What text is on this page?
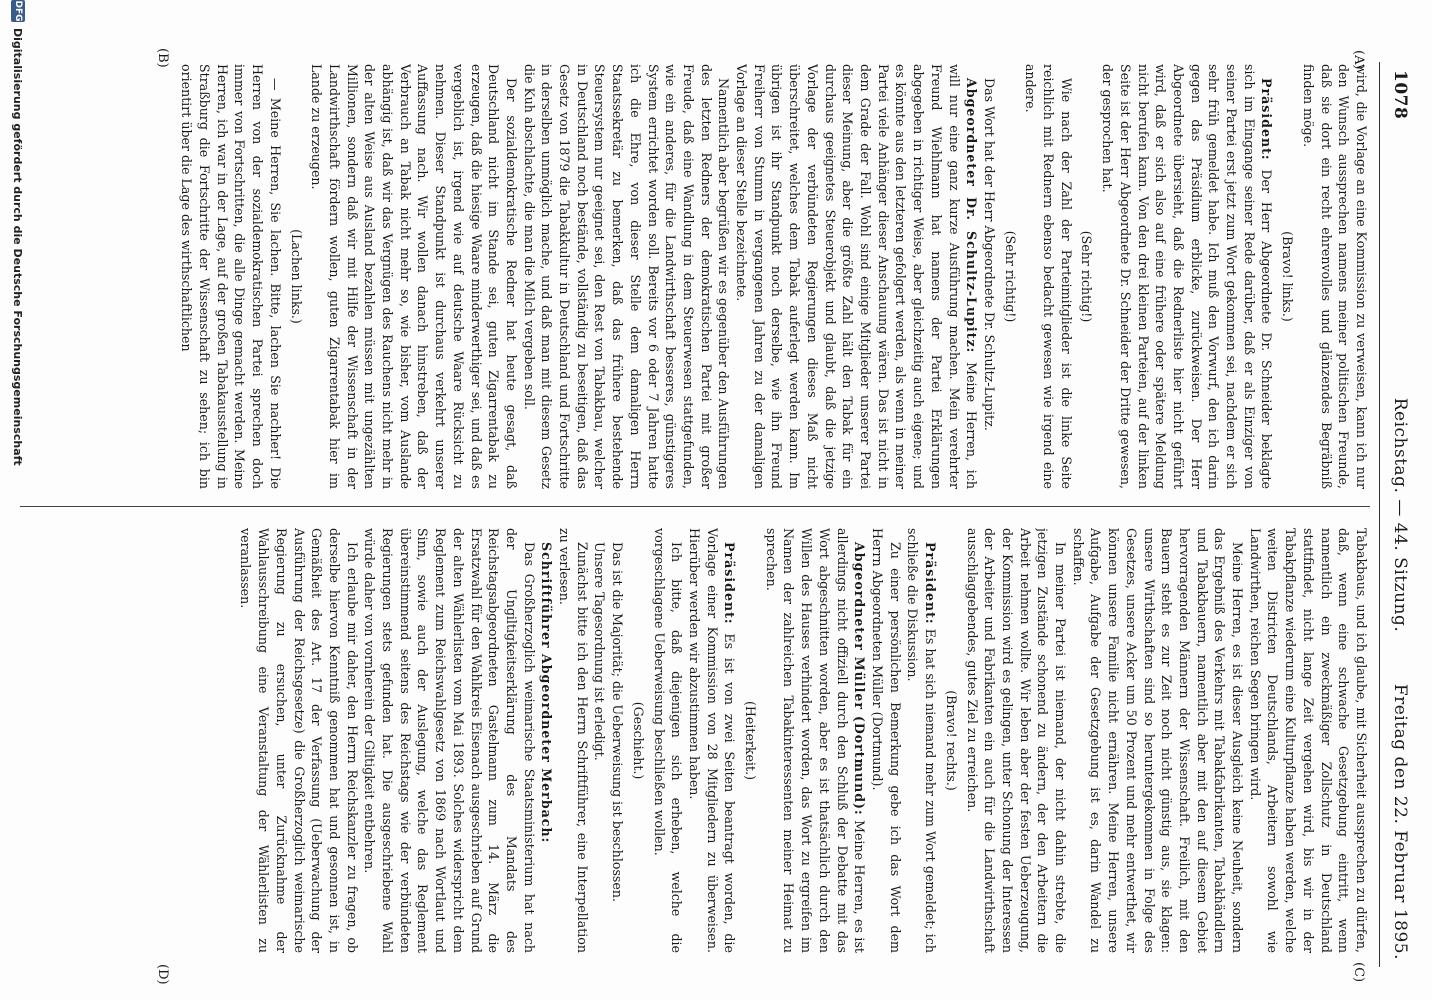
1078
Reichstag. — 44. Sitzung.
Freitag den 22. Februar 1895.
(A)
(B)
(C)
(D)

wird, die Vorlage an eine Kommission zu verweisen, kann ich nur den Wunsch aussprechen namens meiner politischen Freunde, daß sie dort ein recht ehrenvolles und glänzendes Begräbniß finden möge.

(Bravo! links.)

Präsident: Der Herr Abgeordnete Dr. Schneider beklagte sich im Eingange seiner Rede darüber, daß er als Einziger von seiner Partei erst jetzt zum Wort gekommen sei, nachdem er sich sehr früh gemeldet habe. Ich muß den Vorwurf, den ich darin gegen das Präsidium erblicke, zurückweisen. Der Herr Abgeordnete übersieht, daß die Rednerliste hier nicht geführt wird, daß er sich also auf eine frühere oder spätere Meldung nicht berufen kann. Von den drei kleinen Parteien, auf der linken Seite ist der Herr Abgeordnete Dr. Schneider der Dritte gewesen, der gesprochen hat.

(Sehr richtig!)

Wie nach der Zahl der Parteimitglieder ist die linke Seite reichlich mit Rednern ebenso bedacht gewesen wie irgend eine andere.

(Sehr richtig!)

Das Wort hat der Herr Abgeordnete Dr. Schultz-Lupitz.

Abgeordneter Dr. Schultz-Lupitz: Meine Herren, ich will nur eine ganz kurze Ausführung machen. Mein verehrter Freund Wiehlmann hat namens der Partei Erklärungen abgegeben in richtiger Weise, aber gleichzeitig auch eigene; und es könnte aus den letzteren gefolgert werden, als wenn in meiner Partei viele Anhänger dieser Anschauung wären. Das ist nicht in dem Grade der Fall. Wohl sind einige Mitglieder unserer Partei dieser Meinung, aber die größte Zahl hält den Tabak für ein durchaus geeignetes Steuerobjekt und glaubt, daß die jetzige Vorlage der verbündeten Regierungen dieses Maß nicht überschreitet, welches dem Tabak auferlegt werden kann. Im übrigen ist ihr Standpunkt noch derselbe, wie ihn Freund Freiherr von Stumm in vergangenen Jahren zu der damaligen Vorlage an dieser Stelle bezeichnete.

Namentlich aber begrüßen wir es gegenüber den Ausführungen des letzten Redners der demokratischen Partei mit großer Freude, daß eine Wandlung in dem Steuerwesen stattgefunden, wie ein anderes, für die Landwirthschaft besseres, günstigeres System errichtet worden soll. Bereits vor 6 oder 7 Jahren hatte ich die Ehre, von dieser Stelle dem damaligen Herrn Staatssekretär zu bemerken, daß das frühere bestehende Steuersystem nur geeignet sei, den Rest von Tabakbau, welcher in Deutschland noch bestände, vollständig zu beseitigen, daß das Gesetz von 1879 die Tabakkultur in Deutschland und Fortschritte in derselben unmöglich mache, und daß man mit diesem Gesetz die Kuh abschlachte, die man die Milch vergeben soll.

Der sozialdemokratische Redner hat heute gesagt, daß Deutschland nicht im Stande sei, guten Zigarrentabak zu erzeugen, daß die hiesige Waare minderwerthiger sei, und daß es vergeblich ist, irgend wie auf deutsche Waare Rücksicht zu nehmen. Dieser Standpunkt ist durchaus verkehrt unserer Auffassung nach. Wir wollen danach hinstreben, daß der Verbrauch an Tabak nicht mehr so, wie bisher, vom Auslande abhängig ist, daß wir das Vergnügen des Rauchens nicht mehr in der alten Weise aus Ausland bezahlen müssen mit ungezählten Millionen, sondern daß wir mit Hilfe der Wissenschaft in der Landwirthschaft fördern wollen, guten Zigarrentabak hier im Lande zu erzeugen.

(Lachen links.)

— Meine Herren, Sie lachen. Bitte, lachen Sie nachher! Die Herren von der sozialdemokratischen Partei sprechen doch immer von Fortschritten, die alle Dinge gemacht werden. Meine Herren, ich war in der Lage, auf der großen Tabakausstellung in Straßburg die Fortschritte der Wissenschaft zu sehen; ich bin orientirt über die Lage des wirthschaftlichen

Tabakbaus, und ich glaube, mit Sicherheit aussprechen zu dürfen, daß, wenn eine schwache Gesetzgebung eintritt, wenn namentlich ein zweckmäßiger Zollschutz in Deutschland stattfindet, nicht lange Zeit vergehen wird, bis wir in der Tabakpflanze wiederum eine Kulturpflanze haben werden, welche weiten Districten Deutschlands, Arbeitern sowohl wie Landwirthen, reichen Segen bringen wird.

Meine Herren, es ist dieser Ausgleich keine Neuheit, sondern das Ergebniß des Verkehrs mit Tabakfabrikanten, Tabakhändlern und Tabakbauern, namentlich aber mit den auf diesem Gebiet hervorragenden Männern der Wissenschaft. Freilich, mit den Bauern steht es zur Zeit noch nicht günstig aus, sie klagen: unsere Wirthschaften sind so heruntergekommen in Folge des Gesetzes, unsere Acker um 50 Prozent und mehr entwerthet, wir können unsere Familie nicht ernähren. Meine Herren, unsere Aufgabe, Aufgabe der Gesetzgebung ist es, darin Wandel zu schaffen.

In meiner Partei ist niemand, der nicht dahin strebte, die jetzigen Zustände schonend zu ändern, der den Arbeitern die Arbeit nehmen wollte. Wir leben aber der festen Ueberzeugung, der Kommission wird es gelingen, unter Schonung der Interessen der Arbeiter und Fabrikanten ein auch für die Landwirthschaft ausschlaggebendes, gutes Ziel zu erreichen.

(Bravo! rechts.)

Präsident: Es hat sich niemand mehr zum Wort gemeldet; ich schließe die Diskussion.

Zu einer persönlichen Bemerkung gebe ich das Wort dem Herrn Abgeordneten Müller (Dortmund).

Abgeordneter Müller (Dortmund): Meine Herren, es ist allerdings nicht offiziell durch den Schluß der Debatte mit das Wort abgeschnitten worden, aber es ist thatsächlich durch den Willen des Hauses verhindert worden, das Wort zu ergreifen im Namen der zahlreichen Tabakinteressenten meiner Heimat zu sprechen.

(Heiterkeit.)

Präsident: Es ist von zwei Seiten beantragt worden, die Vorlage einer Kommission von 28 Mitgliedern zu überweisen. Hierüber werden wir abzustimmen haben.

Ich bitte, daß diejenigen sich erheben, welche die vorgeschlagene Ueberweisung beschließen wollen.

(Geschieht.)

Das ist die Majorität; die Ueberweisung ist beschlossen.

Unsere Tagesordnung ist erledigt.

Zunächst bitte ich den Herrn Schriftführer, eine Interpellation zu verlesen.

Schriftführer Abgeordneter Merbach:

Das Großherzoglich weimarische Staatsministerium hat nach der Ungiltigkeitserklärung des Mandats des Reichstagsabgeordneten Gastelmann zum 14. März die Ersatzwahl für den Wahlkreis Eisenach ausgeschrieben auf Grund der alten Wählerlisten vom Mai 1893. Solches widerspricht dem Reglement zum Reichswahlgesetz von 1869 nach Wortlaut und Sinn, sowie auch der Auslegung, welche das Reglement übereinstimmend seitens des Reichstags wie der verbündeten Regierungen stets gefunden hat. Die ausgeschriebene Wahl würde daher von vornherein der Giltigkeit entbehren.

Ich erlaube mir daher, den Herrn Reichskanzler zu fragen, ob derselbe hiervon Kenntniß genommen hat und gesonnen ist, in Gemäßheit des Art. 17 der Verfassung (Ueberwachung der Ausführung der Reichsgesetze) die Großherzoglich weimarische Regierung zu ersuchen, unter Zurücknahme der Wahlausschreibung eine Veranstaltung der Wählerlisten zu veranlassen.

DFG
Digitalisierung gefördert durch die Deutsche Forschungsgemeinschaft
